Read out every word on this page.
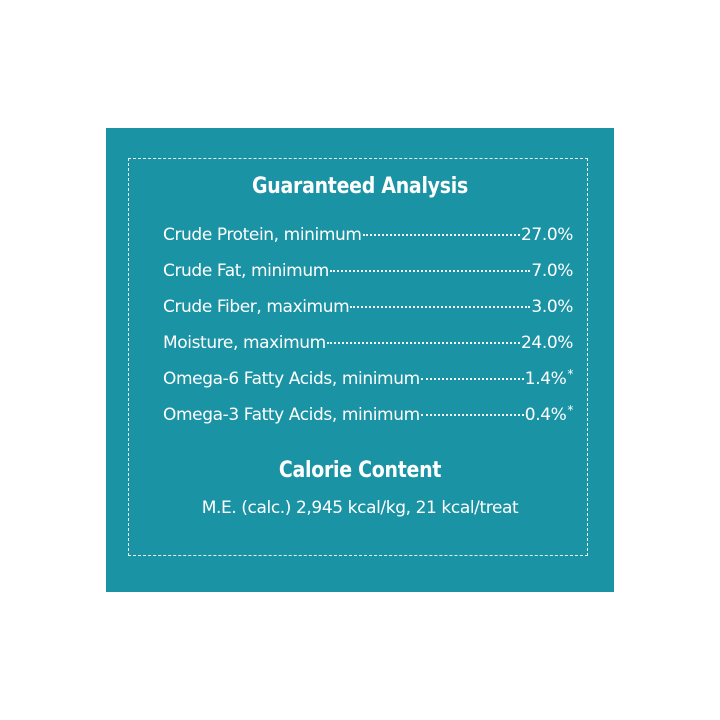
Guaranteed Analysis
Crude Protein, minimum	27.0%
Crude Fat, minimum	7.0%
Crude Fiber, maximum	3.0%
Moisture, maximum	24.0%
Omega-6 Fatty Acids, minimum	1.4% *
Omega-3 Fatty Acids, minimum	0.4% *
Calorie Content
M.E. (calc.) 2,945 kcal/kg, 21 kcal/treat
